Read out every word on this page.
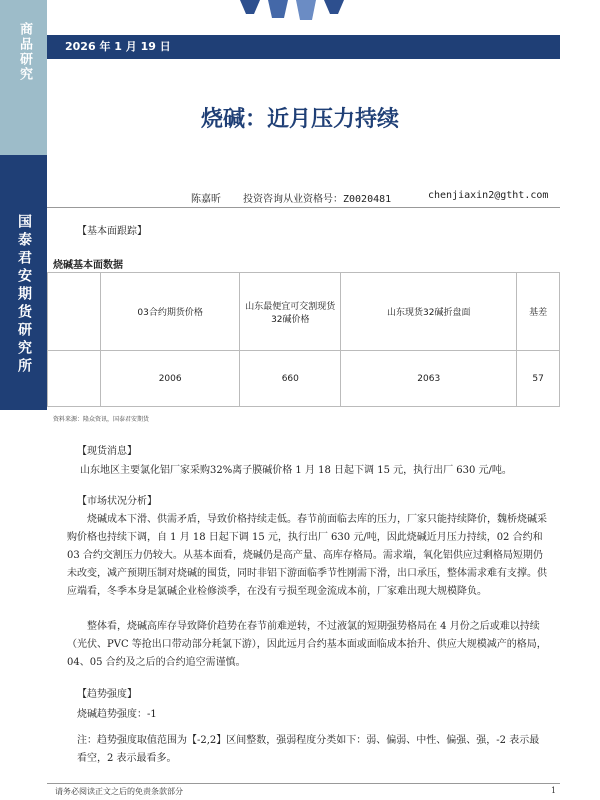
商品研究
国泰君安期货研究所
2026 年 1 月 19 日
烧碱：近月压力持续
陈嘉昕 投资咨询从业资格号：Z0020481	chenjiaxin2@gtht.com
【基本面跟踪】
烧碱基本面数据
	03合约期货价格	山东最便宜可交割现货32碱价格	山东现货32碱折盘面	基差
	2006	660	2063	57
资料来源：隆众资讯，国泰君安期货
【现货消息】
山东地区主要氯化铝厂家采购32%离子膜碱价格 1 月 18 日起下调 15 元，执行出厂 630 元/吨。
【市场状况分析】
烧碱成本下滑、供需矛盾，导致价格持续走低。春节前面临去库的压力，厂家只能持续降价，魏桥烧碱采购价格也持续下调，自 1 月 18 日起下调 15 元，执行出厂 630 元/吨，因此烧碱近月压力持续，02 合约和 03 合约交割压力仍较大。从基本面看，烧碱仍是高产量、高库存格局。需求端，氧化铝供应过剩格局短期仍未改变，减产预期压制对烧碱的囤货，同时非铝下游面临季节性刚需下滑，出口承压，整体需求难有支撑。供应端看，冬季本身是氯碱企业检修淡季，在没有亏损至现金流成本前，厂家难出现大规模降负。
整体看，烧碱高库存导致降价趋势在春节前难逆转，不过液氯的短期强势格局在 4 月份之后或难以持续（光伏、PVC 等抢出口带动部分耗氯下游），因此远月合约基本面或面临成本抬升、供应大规模减产的格局，04、05 合约及之后的合约追空需谨慎。
【趋势强度】
烧碱趋势强度：-1
注：趋势强度取值范围为【-2,2】区间整数，强弱程度分类如下：弱、偏弱、中性、偏强、强，-2 表示最看空，2 表示最看多。
请务必阅读正文之后的免责条款部分	1
